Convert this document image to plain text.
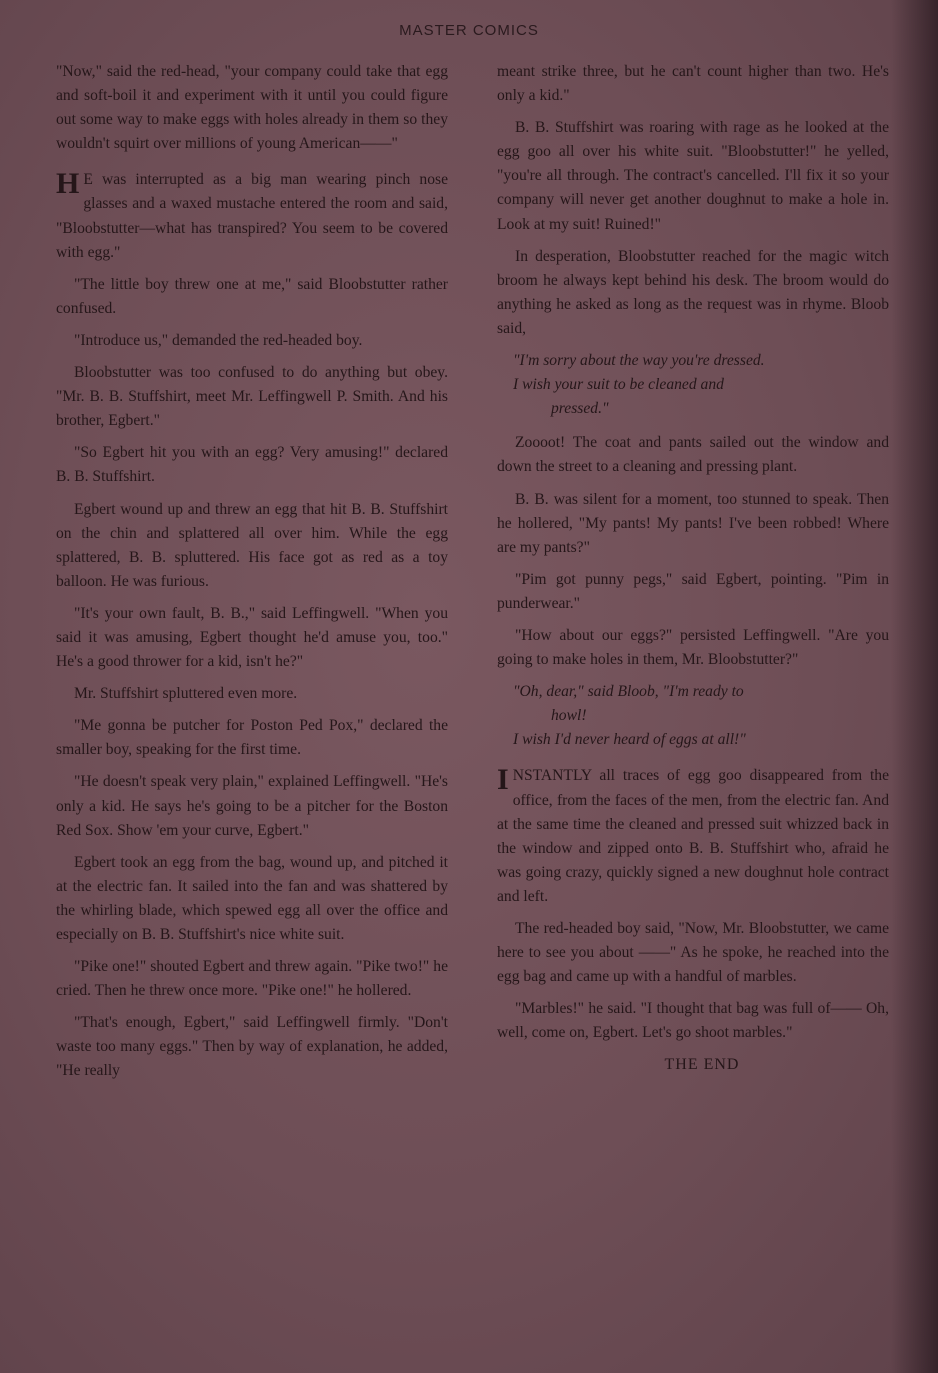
MASTER COMICS

"Now," said the red-head, "your company could take that egg and soft-boil it and experiment with it until you could figure out some way to make eggs with holes already in them so they wouldn't squirt over millions of young American——"

H E was interrupted as a big man wearing pinch nose glasses and a waxed mustache entered the room and said, "Bloobstutter—what has transpired? You seem to be covered with egg."

"The little boy threw one at me," said Bloobstutter rather confused.

"Introduce us," demanded the red-headed boy.

Bloobstutter was too confused to do anything but obey. "Mr. B. B. Stuffshirt, meet Mr. Leffingwell P. Smith. And his brother, Egbert."

"So Egbert hit you with an egg? Very amusing!" declared B. B. Stuffshirt.

Egbert wound up and threw an egg that hit B. B. Stuffshirt on the chin and splattered all over him. While the egg splattered, B. B. spluttered. His face got as red as a toy balloon. He was furious.

"It's your own fault, B. B.," said Leffingwell. "When you said it was amusing, Egbert thought he'd amuse you, too." He's a good thrower for a kid, isn't he?"

Mr. Stuffshirt spluttered even more.

"Me gonna be putcher for Poston Ped Pox," declared the smaller boy, speaking for the first time.

"He doesn't speak very plain," explained Leffingwell. "He's only a kid. He says he's going to be a pitcher for the Boston Red Sox. Show 'em your curve, Egbert."

Egbert took an egg from the bag, wound up, and pitched it at the electric fan. It sailed into the fan and was shattered by the whirling blade, which spewed egg all over the office and especially on B. B. Stuffshirt's nice white suit.

"Pike one!" shouted Egbert and threw again. "Pike two!" he cried. Then he threw once more. "Pike one!" he hollered.

"That's enough, Egbert," said Leffingwell firmly. "Don't waste too many eggs." Then by way of explanation, he added, "He really

meant strike three, but he can't count higher than two. He's only a kid."

B. B. Stuffshirt was roaring with rage as he looked at the egg goo all over his white suit. "Bloobstutter!" he yelled, "you're all through. The contract's cancelled. I'll fix it so your company will never get another doughnut to make a hole in. Look at my suit! Ruined!"

In desperation, Bloobstutter reached for the magic witch broom he always kept behind his desk. The broom would do anything he asked as long as the request was in rhyme. Bloob said,

"I'm sorry about the way you're dressed.
I wish your suit to be cleaned and
pressed."

Zoooot! The coat and pants sailed out the window and down the street to a cleaning and pressing plant.

B. B. was silent for a moment, too stunned to speak. Then he hollered, "My pants! My pants! I've been robbed! Where are my pants?"

"Pim got punny pegs," said Egbert, pointing. "Pim in punderwear."

"How about our eggs?" persisted Leffingwell. "Are you going to make holes in them, Mr. Bloobstutter?"

"Oh, dear," said Bloob, "I'm ready to
howl!
I wish I'd never heard of eggs at all!"

INSTANTLY all traces of egg goo disappeared from the office, from the faces of the men, from the electric fan. And at the same time the cleaned and pressed suit whizzed back in the window and zipped onto B. B. Stuffshirt who, afraid he was going crazy, quickly signed a new doughnut hole contract and left.

The red-headed boy said, "Now, Mr. Bloobstutter, we came here to see you about ——" As he spoke, he reached into the egg bag and came up with a handful of marbles.

"Marbles!" he said. "I thought that bag was full of—— Oh, well, come on, Egbert. Let's go shoot marbles."

THE END
